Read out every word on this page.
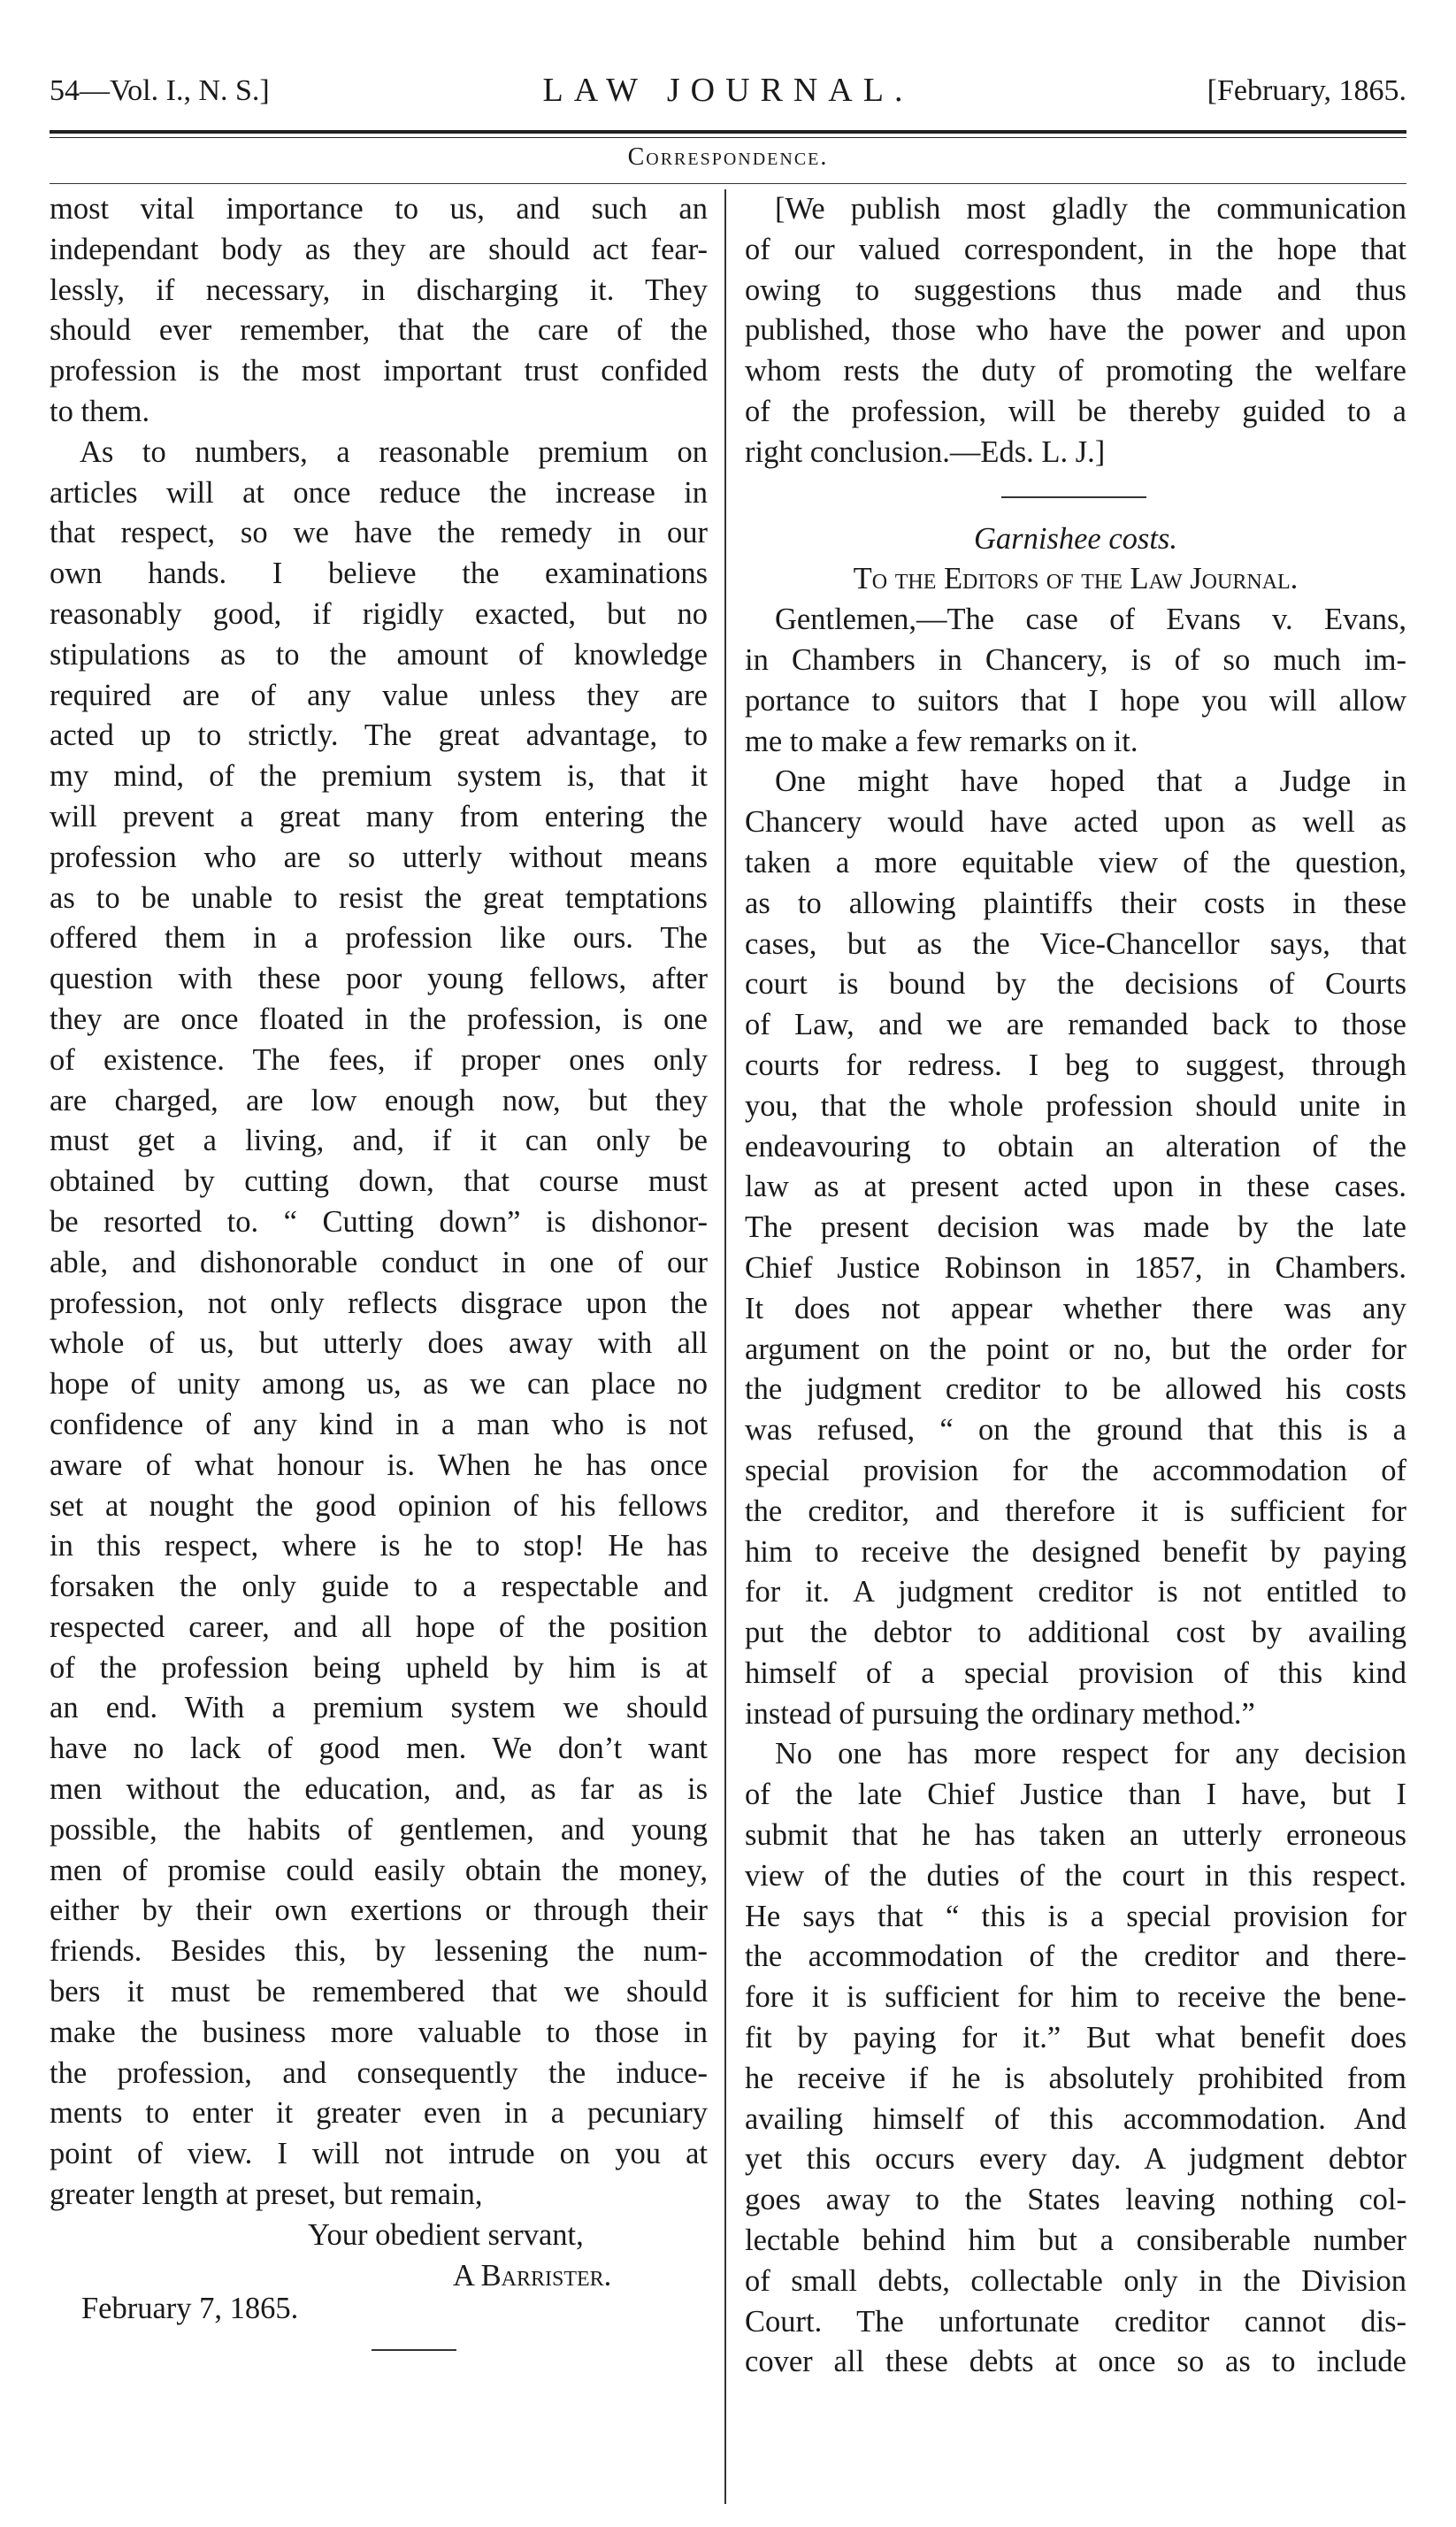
54—Vol. I., N. S.]	LAW JOURNAL.	[February, 1865.
Correspondence.
most vital importance to us, and such an
independant body as they are should act fear-
lessly, if necessary, in discharging it. They
should ever remember, that the care of the
profession is the most important trust confided
to them.
As to numbers, a reasonable premium on
articles will at once reduce the increase in
that respect, so we have the remedy in our
own hands. I believe the examinations
reasonably good, if rigidly exacted, but no
stipulations as to the amount of knowledge
required are of any value unless they are
acted up to strictly. The great advantage, to
my mind, of the premium system is, that it
will prevent a great many from entering the
profession who are so utterly without means
as to be unable to resist the great temptations
offered them in a profession like ours. The
question with these poor young fellows, after
they are once floated in the profession, is one
of existence. The fees, if proper ones only
are charged, are low enough now, but they
must get a living, and, if it can only be
obtained by cutting down, that course must
be resorted to. “ Cutting down” is dishonor-
able, and dishonorable conduct in one of our
profession, not only reflects disgrace upon the
whole of us, but utterly does away with all
hope of unity among us, as we can place no
confidence of any kind in a man who is not
aware of what honour is. When he has once
set at nought the good opinion of his fellows
in this respect, where is he to stop! He has
forsaken the only guide to a respectable and
respected career, and all hope of the position
of the profession being upheld by him is at
an end. With a premium system we should
have no lack of good men. We don’t want
men without the education, and, as far as is
possible, the habits of gentlemen, and young
men of promise could easily obtain the money,
either by their own exertions or through their
friends. Besides this, by lessening the num-
bers it must be remembered that we should
make the business more valuable to those in
the profession, and consequently the induce-
ments to enter it greater even in a pecuniary
point of view. I will not intrude on you at
greater length at preset, but remain,
Your obedient servant,
A Barrister.
February 7, 1865.
[We publish most gladly the communication
of our valued correspondent, in the hope that
owing to suggestions thus made and thus
published, those who have the power and upon
whom rests the duty of promoting the welfare
of the profession, will be thereby guided to a
right conclusion.—Eds. L. J.]
Garnishee costs.
To the Editors of the Law Journal.
Gentlemen,—The case of Evans v. Evans,
in Chambers in Chancery, is of so much im-
portance to suitors that I hope you will allow
me to make a few remarks on it.
One might have hoped that a Judge in
Chancery would have acted upon as well as
taken a more equitable view of the question,
as to allowing plaintiffs their costs in these
cases, but as the Vice-Chancellor says, that
court is bound by the decisions of Courts
of Law, and we are remanded back to those
courts for redress. I beg to suggest, through
you, that the whole profession should unite in
endeavouring to obtain an alteration of the
law as at present acted upon in these cases.
The present decision was made by the late
Chief Justice Robinson in 1857, in Chambers.
It does not appear whether there was any
argument on the point or no, but the order for
the judgment creditor to be allowed his costs
was refused, “ on the ground that this is a
special provision for the accommodation of
the creditor, and therefore it is sufficient for
him to receive the designed benefit by paying
for it. A judgment creditor is not entitled to
put the debtor to additional cost by availing
himself of a special provision of this kind
instead of pursuing the ordinary method.”
No one has more respect for any decision
of the late Chief Justice than I have, but I
submit that he has taken an utterly erroneous
view of the duties of the court in this respect.
He says that “ this is a special provision for
the accommodation of the creditor and there-
fore it is sufficient for him to receive the bene-
fit by paying for it.” But what benefit does
he receive if he is absolutely prohibited from
availing himself of this accommodation. And
yet this occurs every day. A judgment debtor
goes away to the States leaving nothing col-
lectable behind him but a consiberable number
of small debts, collectable only in the Division
Court. The unfortunate creditor cannot dis-
cover all these debts at once so as to include
